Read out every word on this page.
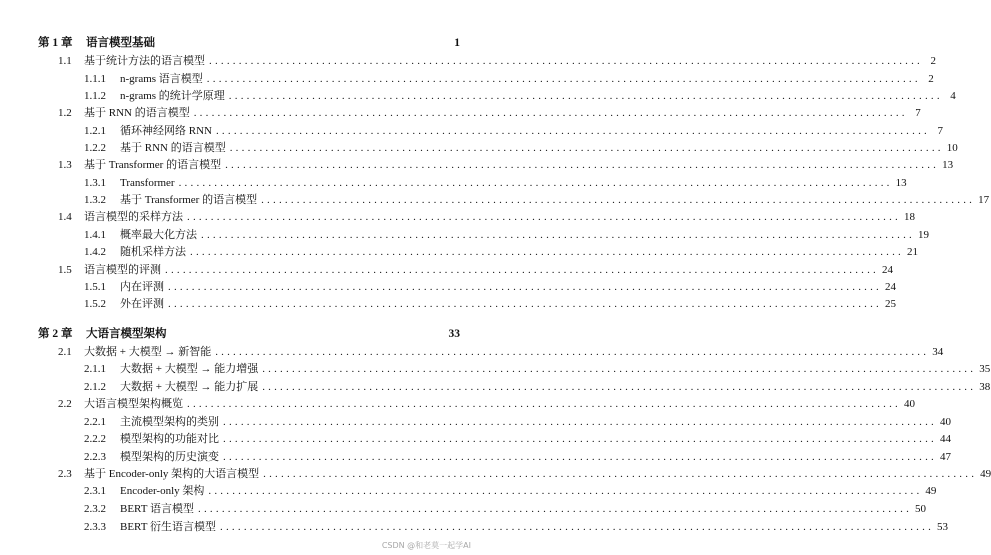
第 1 章	语言模型基础	1
1.1	基于统计方法的语言模型 ........................................................................................................................ 2
1.1.1	n-grams 语言模型 ........................................................................................................................ 2
1.1.2	n-grams 的统计学原理 ........................................................................................................................ 4
1.2	基于 RNN 的语言模型 ........................................................................................................................ 7
1.2.1	循环神经网络 RNN ........................................................................................................................ 7
1.2.2	基于 RNN 的语言模型 ........................................................................................................................ 10
1.3	基于 Transformer 的语言模型 ........................................................................................................................ 13
1.3.1	Transformer ........................................................................................................................ 13
1.3.2	基于 Transformer 的语言模型 ........................................................................................................................ 17
1.4	语言模型的采样方法 ........................................................................................................................ 18
1.4.1	概率最大化方法 ........................................................................................................................ 19
1.4.2	随机采样方法 ........................................................................................................................ 21
1.5	语言模型的评测 ........................................................................................................................ 24
1.5.1	内在评测 ........................................................................................................................ 24
1.5.2	外在评测 ........................................................................................................................ 25
第 2 章	大语言模型架构	33
2.1	大数据 + 大模型 → 新智能 ........................................................................................................................ 34
2.1.1	大数据 + 大模型 → 能力增强 ........................................................................................................................ 35
2.1.2	大数据 + 大模型 → 能力扩展 ........................................................................................................................ 38
2.2	大语言模型架构概览 ........................................................................................................................ 40
2.2.1	主流模型架构的类别 ........................................................................................................................ 40
2.2.2	模型架构的功能对比 ........................................................................................................................ 44
2.2.3	模型架构的历史演变 ........................................................................................................................ 47
2.3	基于 Encoder-only 架构的大语言模型 ........................................................................................................................ 49
2.3.1	Encoder-only 架构 ........................................................................................................................ 49
2.3.2	BERT 语言模型 ........................................................................................................................ 50
2.3.3	BERT 衍生语言模型 ........................................................................................................................ 53
CSDN @和老莫一起学AI
